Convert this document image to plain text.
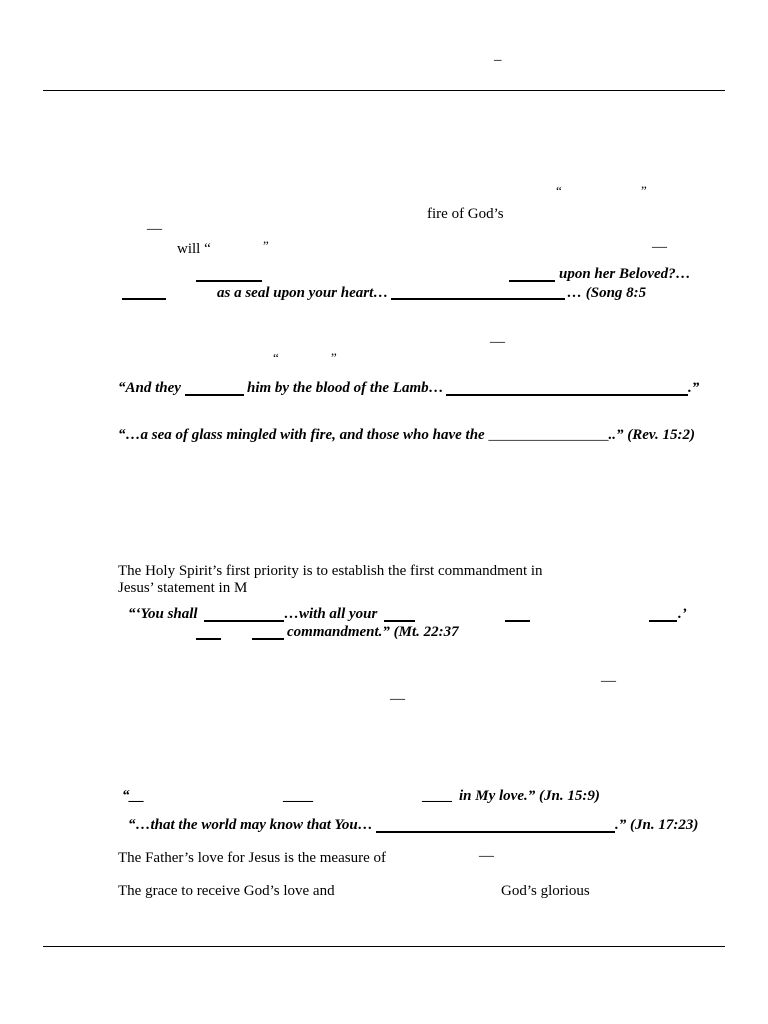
–
“	”
fire of God’s
—
will “	”	—
upon her Beloved?…
as a seal upon your heart…	… (Song 8:5
—
“	”
“And they	him by the blood of the Lamb…	.”
“…a sea of glass mingled with fire, and those who have the ________________..” (Rev. 15:2)
The Holy Spirit’s first priority is to establish the first commandment in
Jesus’ statement in M
“‘You shall	…with all your	.’
commandment.” (Mt. 22:37
—
—
“__	____	____ in My love.” (Jn. 15:9)
“…that the world may know that You…	.” (Jn. 17:23)
The Father’s love for Jesus is the measure of	—
The grace to receive God’s love and	God’s glorious
